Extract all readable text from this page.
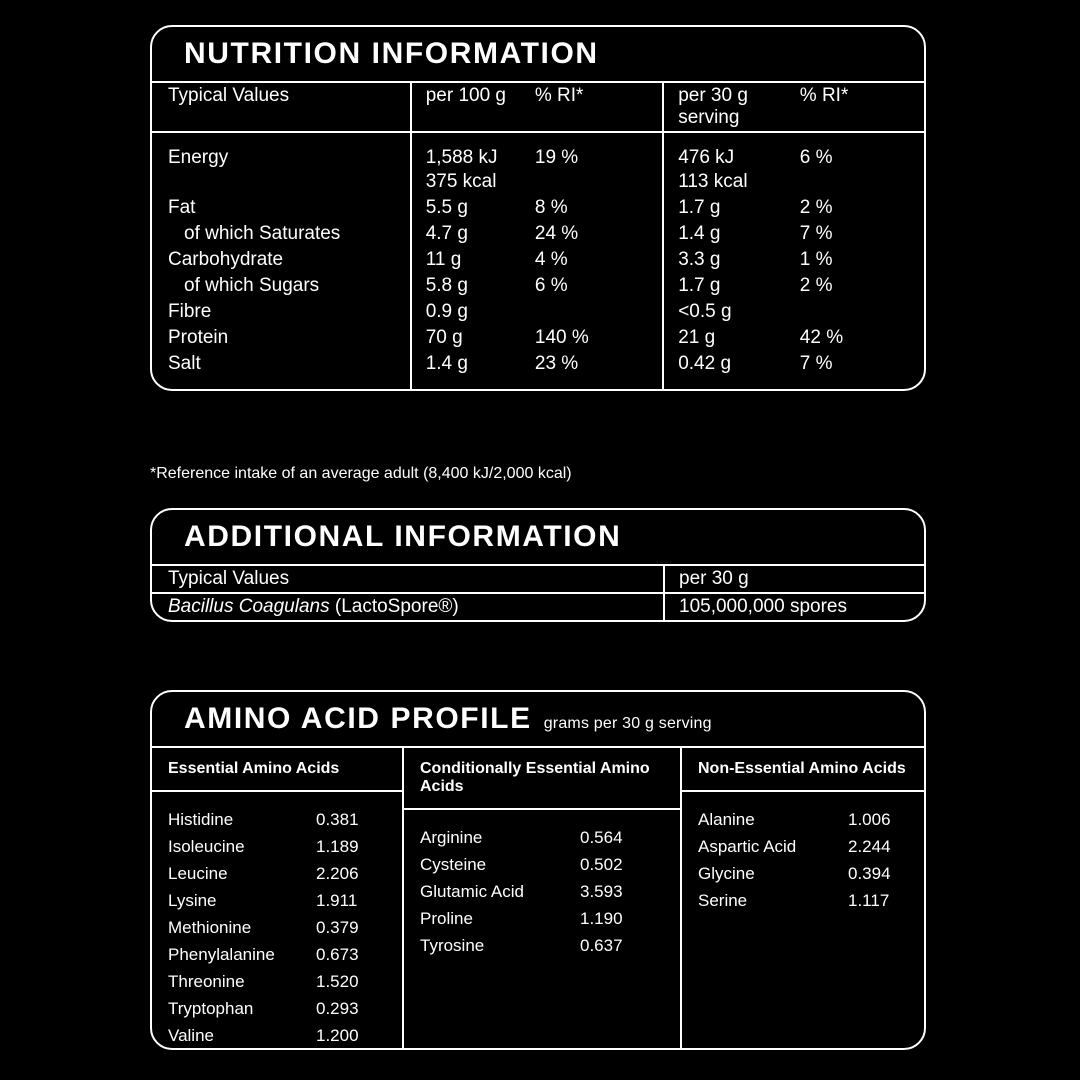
NUTRITION INFORMATION
Typical Values	per 100 g	% RI*	per 30 g serving	% RI*
Energy	1,588 kJ	19 %	476 kJ	6 %
	375 kcal		113 kcal	
Fat	5.5 g	8 %	1.7 g	2 %
of which Saturates	4.7 g	24 %	1.4 g	7 %
Carbohydrate	11 g	4 %	3.3 g	1 %
of which Sugars	5.8 g	6 %	1.7 g	2 %
Fibre	0.9 g		<0.5 g	
Protein	70 g	140 %	21 g	42 %
Salt	1.4 g	23 %	0.42 g	7 %
*Reference intake of an average adult (8,400 kJ/2,000 kcal)
ADDITIONAL INFORMATION
Typical Values	per 30 g
Bacillus Coagulans (LactoSpore®)	105,000,000 spores
AMINO ACID PROFILE grams per 30 g serving
Essential Amino Acids
Histidine	0.381
Isoleucine	1.189
Leucine	2.206
Lysine	1.911
Methionine	0.379
Phenylalanine	0.673
Threonine	1.520
Tryptophan	0.293
Valine	1.200
Conditionally Essential Amino Acids
Arginine	0.564
Cysteine	0.502
Glutamic Acid	3.593
Proline	1.190
Tyrosine	0.637
Non-Essential Amino Acids
Alanine	1.006
Aspartic Acid	2.244
Glycine	0.394
Serine	1.117
